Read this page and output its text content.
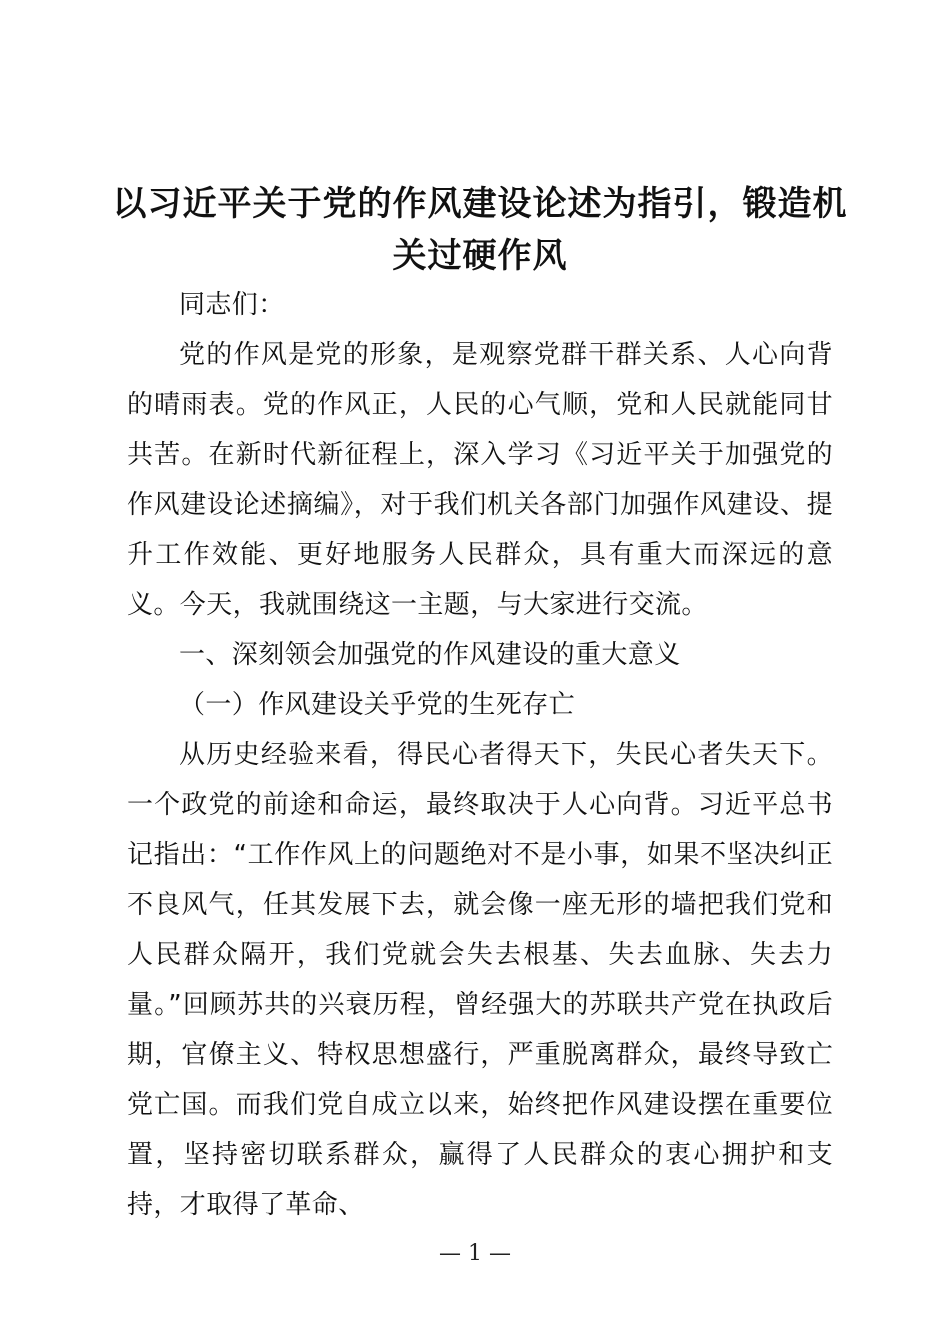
以习近平关于党的作风建设论述为指引，锻造机关过硬作风

同志们：

党的作风是党的形象，是观察党群干群关系、人心向背的晴雨表。党的作风正，人民的心气顺，党和人民就能同甘共苦。在新时代新征程上，深入学习《习近平关于加强党的作风建设论述摘编》，对于我们机关各部门加强作风建设、提升工作效能、更好地服务人民群众，具有重大而深远的意义。今天，我就围绕这一主题，与大家进行交流。

一、深刻领会加强党的作风建设的重大意义

（一）作风建设关乎党的生死存亡

从历史经验来看，得民心者得天下，失民心者失天下。一个政党的前途和命运，最终取决于人心向背。习近平总书记指出：“工作作风上的问题绝对不是小事，如果不坚决纠正不良风气，任其发展下去，就会像一座无形的墙把我们党和人民群众隔开，我们党就会失去根基、失去血脉、失去力量。”回顾苏共的兴衰历程，曾经强大的苏联共产党在执政后期，官僚主义、特权思想盛行，严重脱离群众，最终导致亡党亡国。而我们党自成立以来，始终把作风建设摆在重要位置，坚持密切联系群众，赢得了人民群众的衷心拥护和支持，才取得了革命、

— 1 —
